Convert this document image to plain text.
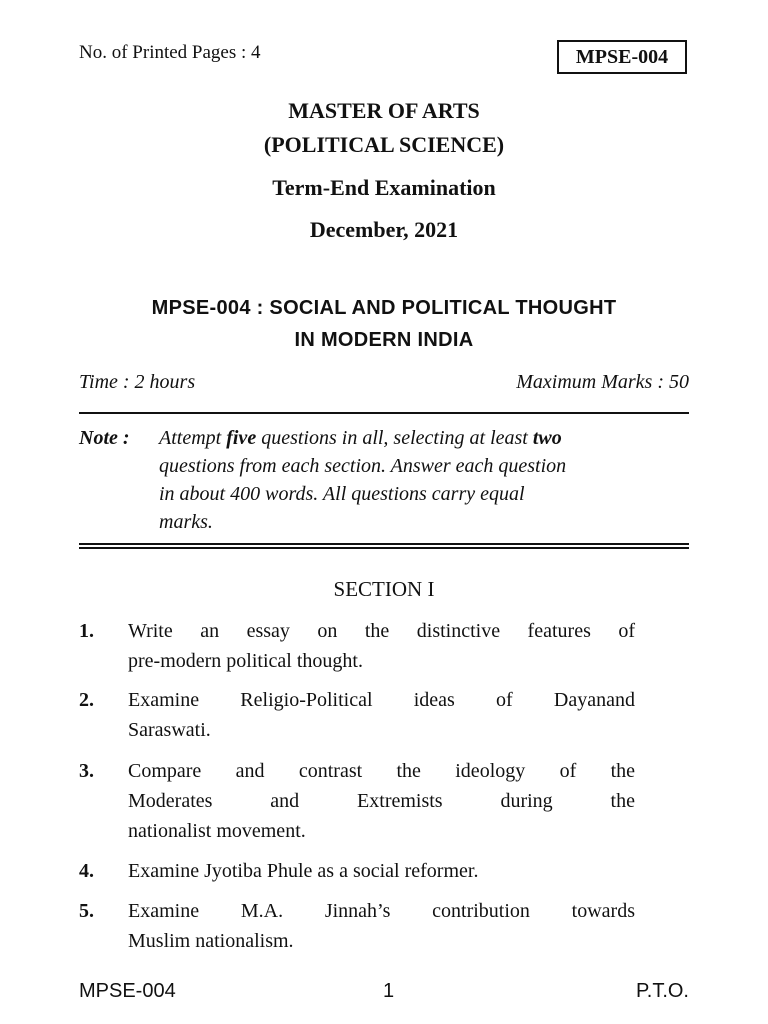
No. of Printed Pages : 4	MPSE-004
MASTER OF ARTS
(POLITICAL SCIENCE)
Term-End Examination
December, 2021
MPSE-004 : SOCIAL AND POLITICAL THOUGHT
IN MODERN INDIA
Time : 2 hours	Maximum Marks : 50
Note : Attempt five questions in all, selecting at least two
questions from each section. Answer each question
in about 400 words. All questions carry equal
marks.
SECTION I
1. Write an essay on the distinctive features of
pre-modern political thought.
2. Examine Religio-Political ideas of Dayanand
Saraswati.
3. Compare and contrast the ideology of the
Moderates and Extremists during the
nationalist movement.
4. Examine Jyotiba Phule as a social reformer.
5. Examine M.A. Jinnah’s contribution towards
Muslim nationalism.
MPSE-004	1	P.T.O.
